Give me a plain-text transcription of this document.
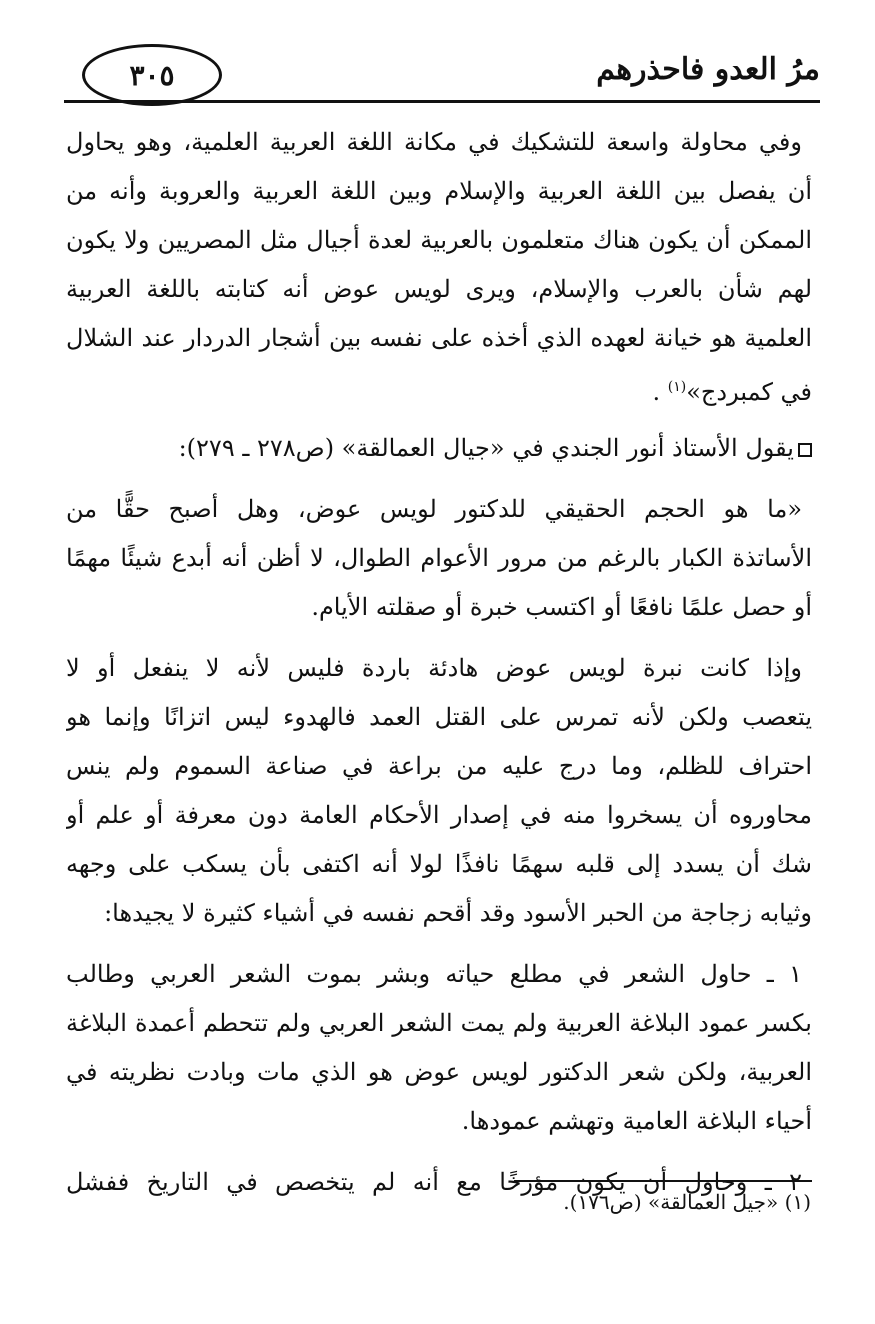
٣٠٥	مرُ العدو فاحذرهم
وفي محاولة واسعة للتشكيك في مكانة اللغة العربية العلمية، وهو يحاول
أن يفصل بين اللغة العربية والإسلام وبين اللغة العربية والعروبة وأنه من
الممكن أن يكون هناك متعلمون بالعربية لعدة أجيال مثل المصريين ولا يكون
لهم شأن بالعرب والإسلام، ويرى لويس عوض أنه كتابته باللغة العربية
العلمية هو خيانة لعهده الذي أخذه على نفسه بين أشجار الدردار عند الشلال
في كمبردج»$^{(١)}$ .
يقول الأستاذ أنور الجندي في «جيال العمالقة» (ص٢٧٨ ـ ٢٧٩):
«ما هو الحجم الحقيقي للدكتور لويس عوض، وهل أصبح حقًّا من
الأساتذة الكبار بالرغم من مرور الأعوام الطوال، لا أظن أنه أبدع شيئًا مهمًا
أو حصل علمًا نافعًا أو اكتسب خبرة أو صقلته الأيام.
وإذا كانت نبرة لويس عوض هادئة باردة فليس لأنه لا ينفعل أو لا
يتعصب ولكن لأنه تمرس على القتل العمد فالهدوء ليس اتزانًا وإنما هو
احتراف للظلم، وما درج عليه من براعة في صناعة السموم ولم ينس
محاوروه أن يسخروا منه في إصدار الأحكام العامة دون معرفة أو علم أو
شك أن يسدد إلى قلبه سهمًا نافذًا لولا أنه اكتفى بأن يسكب على وجهه
وثيابه زجاجة من الحبر الأسود وقد أقحم نفسه في أشياء كثيرة لا يجيدها:
١ ـ حاول الشعر في مطلع حياته وبشر بموت الشعر العربي وطالب
بكسر عمود البلاغة العربية ولم يمت الشعر العربي ولم تتحطم أعمدة البلاغة
العربية، ولكن شعر الدكتور لويس عوض هو الذي مات وبادت نظريته في
أحياء البلاغة العامية وتهشم عمودها.
٢ ـ وحاول أن يكون مؤرخًا مع أنه لم يتخصص في التاريخ ففشل
(١) «جيل العمالقة» (ص١٧٦).
